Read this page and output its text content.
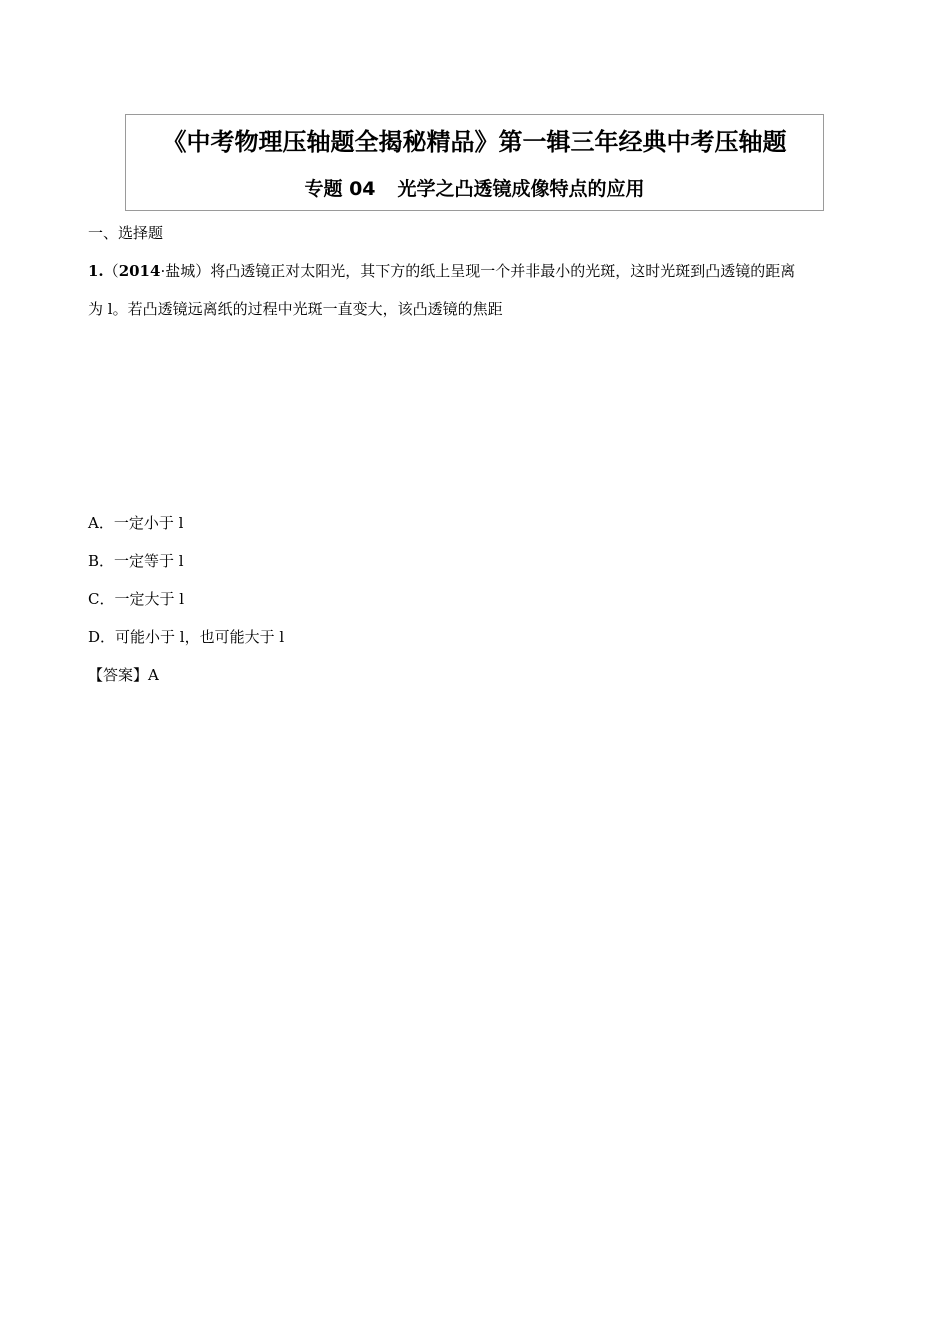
《中考物理压轴题全揭秘精品》第一辑三年经典中考压轴题
专题 04 光学之凸透镜成像特点的应用
一、选择题
1.（2014·盐城）将凸透镜正对太阳光，其下方的纸上呈现一个并非最小的光斑，这时光斑到凸透镜的距离
为 l。若凸透镜远离纸的过程中光斑一直变大，该凸透镜的焦距
A．一定小于 l
B．一定等于 l
C．一定大于 l
D．可能小于 l，也可能大于 l
【答案】A
